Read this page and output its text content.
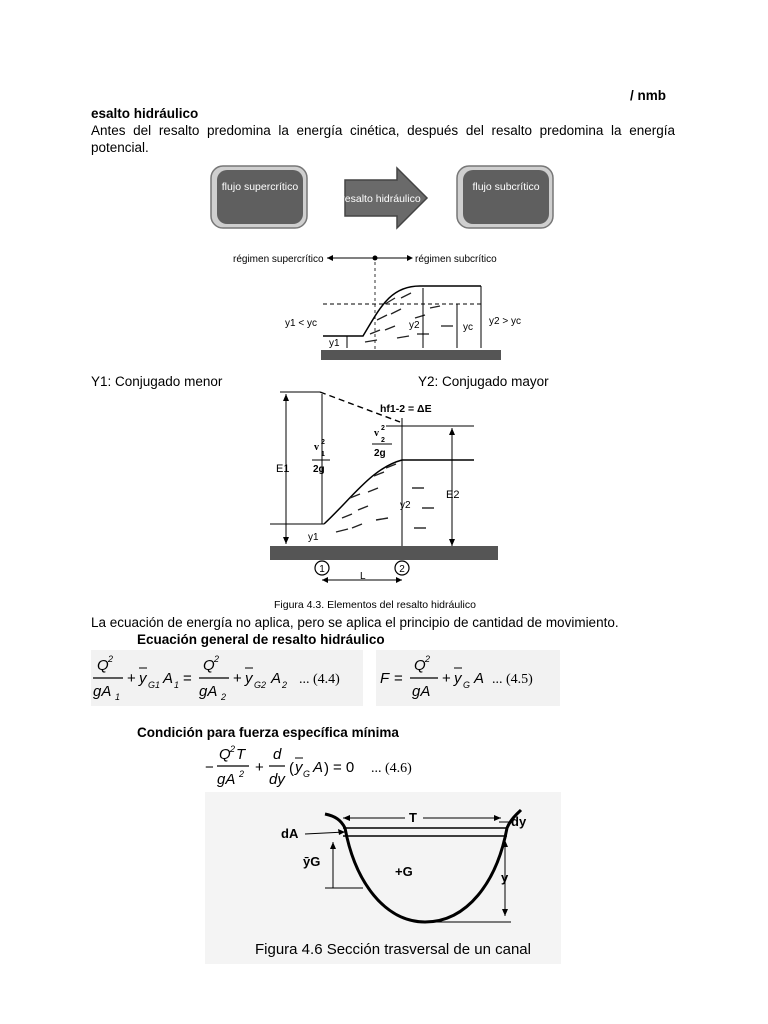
/ nmb
esalto hidráulico
Antes del resalto predomina la energía cinética, después del resalto predomina la energía potencial.
flujo supercrítico
resalto hidráulico
flujo subcrítico
régimen supercrítico	régimen subcrítico
y1 < yc	y2	yc
y2 > yc
y1
Y1: Conjugado menor	Y2: Conjugado mayor
hf1-2 = ΔE
E1
v 2
1
2g
v 2
2
2g
E2
y1
y2
1	2
L
Figura 4.3. Elementos del resalto hidráulico
La ecuación de energía no aplica, pero se aplica el principio de cantidad de movimiento.
Ecuación general de resalto hidráulico
Q 2
gA 1
+ y G1 A 1 =
Q 2
gA 2
+ y G2 A 2 ... (4.4)	F =
Q 2
gA
+ y G A ... (4.5)
Condición para fuerza específica mínima
−
Q 2 T
gA 2 +
d
dy
( y G A ) = 0 ... (4.6)
T	dy
dA
ȳG
+G	y
Figura 4.6 Sección trasversal de un canal
